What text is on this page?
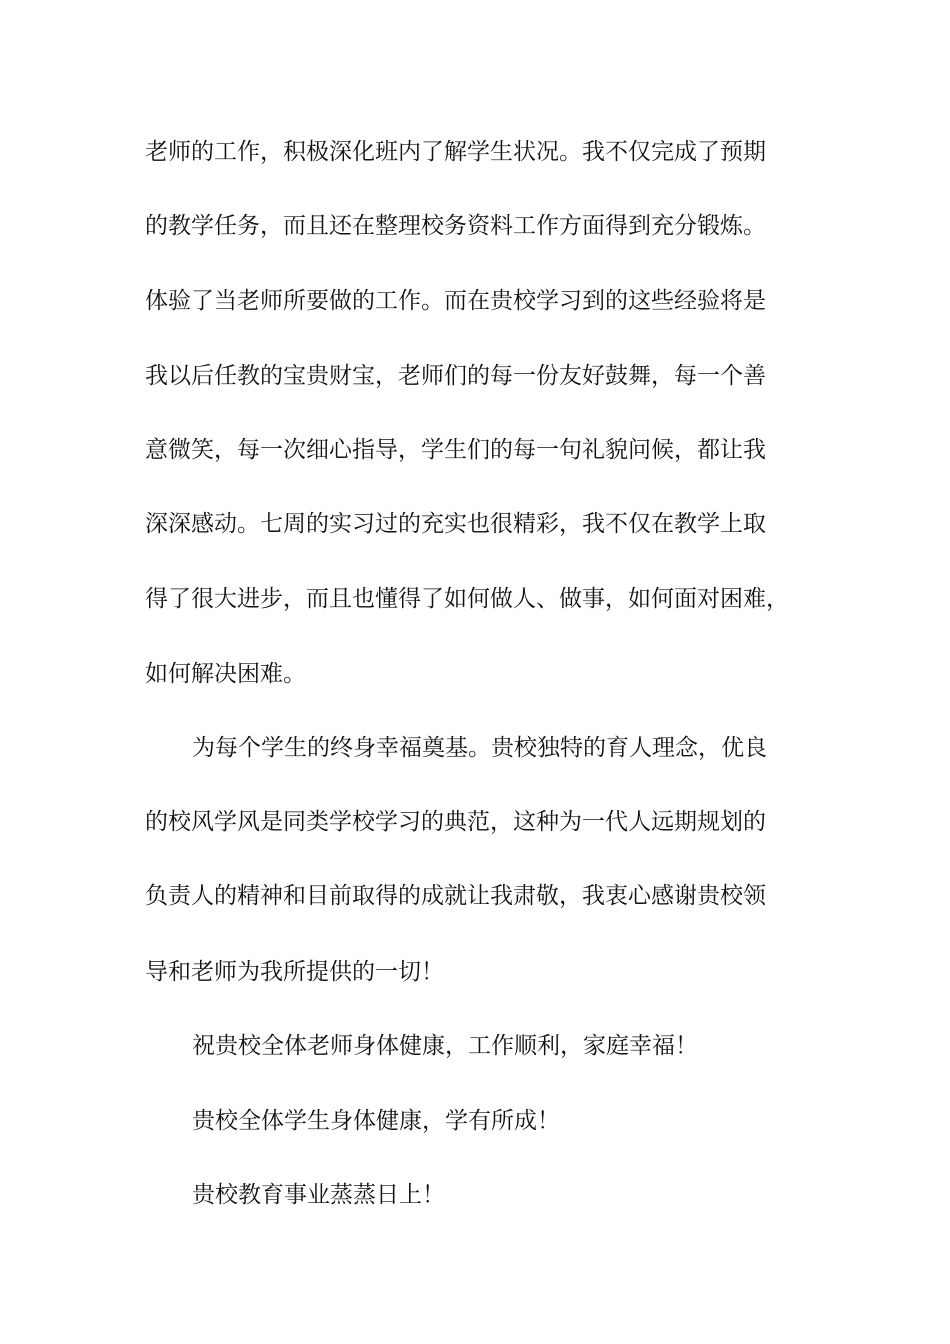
老师的工作，积极深化班内了解学生状况。我不仅完成了预期
的教学任务，而且还在整理校务资料工作方面得到充分锻炼。
体验了当老师所要做的工作。而在贵校学习到的这些经验将是
我以后任教的宝贵财宝，老师们的每一份友好鼓舞，每一个善
意微笑，每一次细心指导，学生们的每一句礼貌问候，都让我
深深感动。七周的实习过的充实也很精彩，我不仅在教学上取
得了很大进步，而且也懂得了如何做人、做事，如何面对困难，
如何解决困难。
为每个学生的终身幸福奠基。贵校独特的育人理念，优良
的校风学风是同类学校学习的典范，这种为一代人远期规划的
负责人的精神和目前取得的成就让我肃敬，我衷心感谢贵校领
导和老师为我所提供的一切！
祝贵校全体老师身体健康，工作顺利，家庭幸福！
贵校全体学生身体健康，学有所成！
贵校教育事业蒸蒸日上！
